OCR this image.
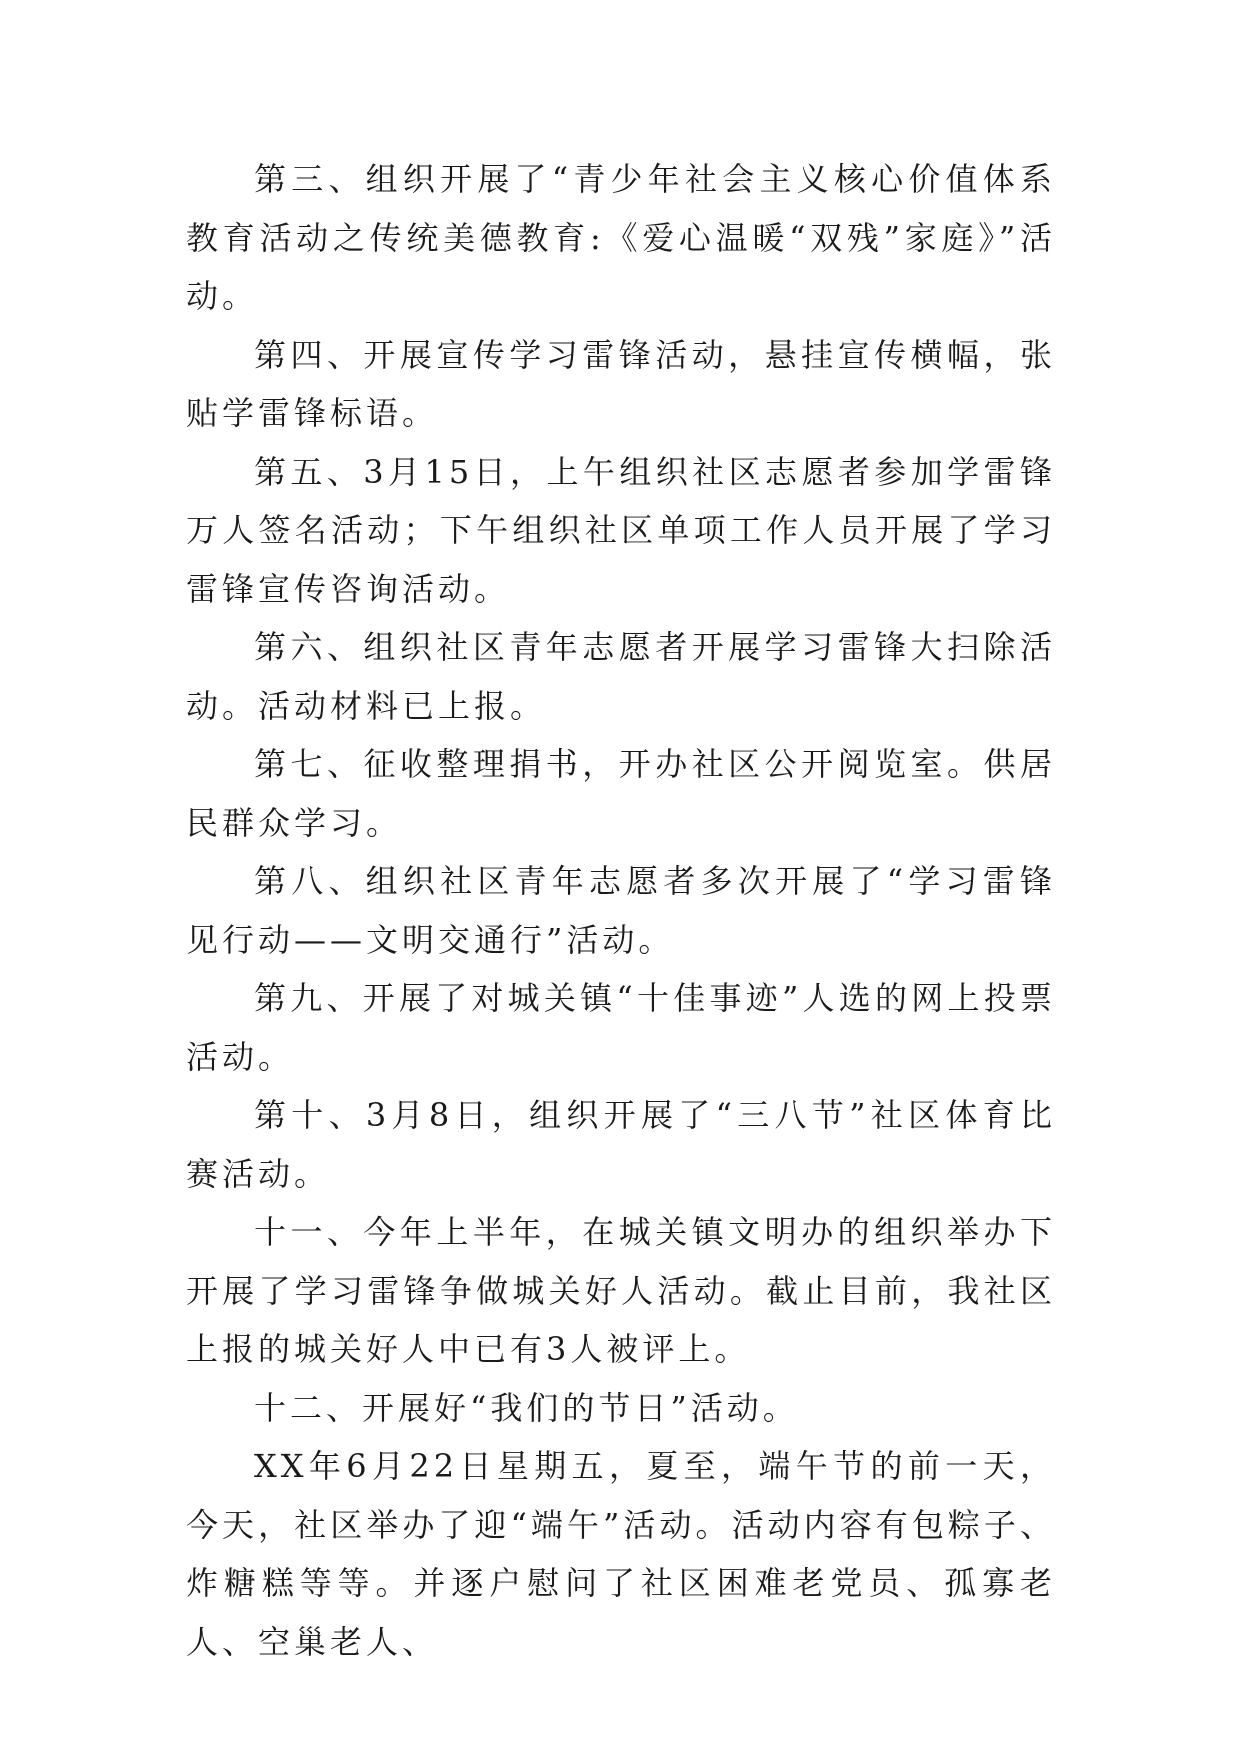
第三、组织开展了“青少年社会主义核心价值体系教育活动之传统美德教育:《爱心温暖“双残”家庭》”活动。

第四、开展宣传学习雷锋活动，悬挂宣传横幅，张贴学雷锋标语。

第五、3月15日，上午组织社区志愿者参加学雷锋万人签名活动；下午组织社区单项工作人员开展了学习雷锋宣传咨询活动。

第六、组织社区青年志愿者开展学习雷锋大扫除活动。活动材料已上报。

第七、征收整理捐书，开办社区公开阅览室。供居民群众学习。

第八、组织社区青年志愿者多次开展了“学习雷锋见行动——文明交通行”活动。

第九、开展了对城关镇“十佳事迹”人选的网上投票活动。

第十、3月8日，组织开展了“三八节”社区体育比赛活动。

十一、今年上半年，在城关镇文明办的组织举办下开展了学习雷锋争做城关好人活动。截止目前，我社区上报的城关好人中已有3人被评上。

十二、开展好“我们的节日”活动。

XX年6月22日星期五，夏至，端午节的前一天，今天，社区举办了迎“端午”活动。活动内容有包粽子、炸糖糕等等。并逐户慰问了社区困难老党员、孤寡老人、空巢老人、
